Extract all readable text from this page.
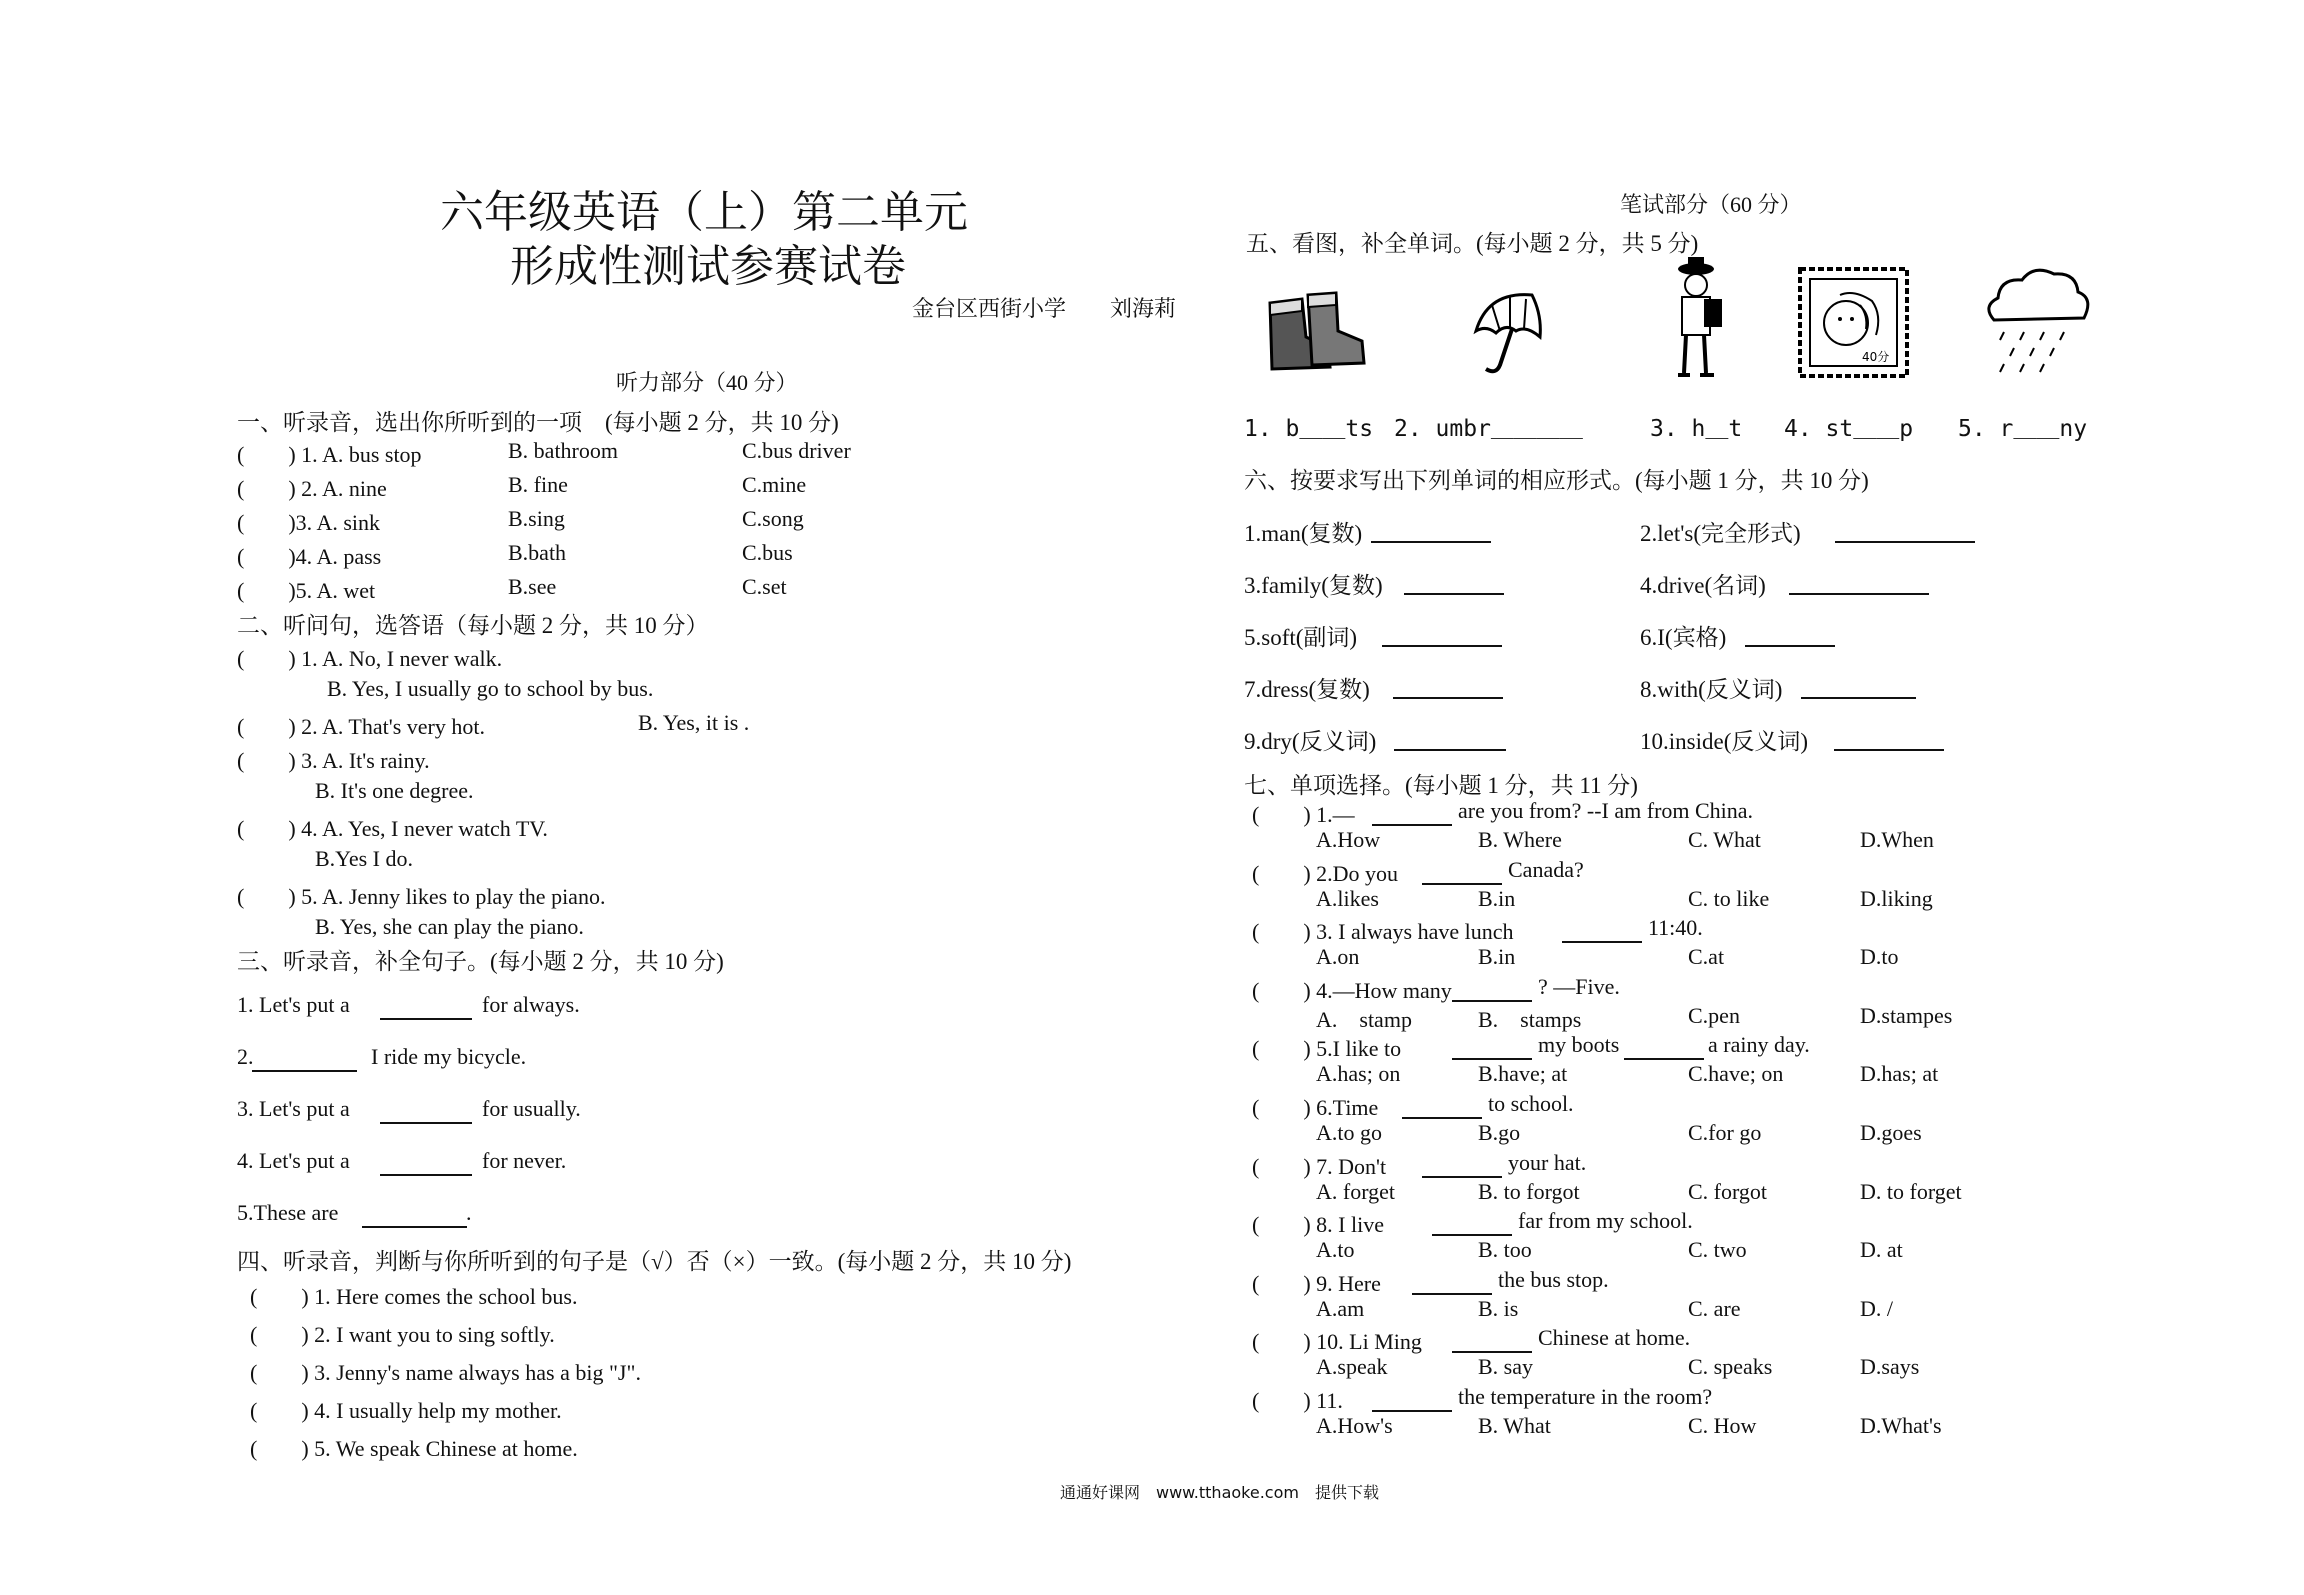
六年级英语（上）第二单元
形成性测试参赛试卷
金台区西街小学　　刘海莉
听力部分（40 分）
一、听录音，选出你所听到的一项　(每小题 2 分，共 10 分)
(　　) 1. A. bus stop	B. bathroom	C.bus driver
(　　) 2. A. nine	B. fine	C.mine
(　　)3. A. sink	B.sing	C.song
(　　)4. A. pass	B.bath	C.bus
(　　)5. A. wet	B.see	C.set
二、听问句，选答语（每小题 2 分，共 10 分）
(　　) 1. A. No, I never walk.
B. Yes, I usually go to school by bus.
(　　) 2. A. That's very hot.	B. Yes, it is .
(　　) 3. A. It's rainy.
B. It's one degree.
(　　) 4. A. Yes, I never watch TV.
B.Yes I do.
(　　) 5. A. Jenny likes to play the piano.
B. Yes, she can play the piano.
三、听录音，补全句子。(每小题 2 分，共 10 分)
1. Let's put a	for always.
2.	I ride my bicycle.
3. Let's put a	for usually.
4. Let's put a	for never.
5.These are	.
四、听录音，判断与你所听到的句子是（√）否（×）一致。(每小题 2 分，共 10 分)
(　　) 1. Here comes the school bus.
(　　) 2. I want you to sing softly.
(　　) 3. Jenny's name always has a big "J".
(　　) 4. I usually help my mother.
(　　) 5. We speak Chinese at home.
笔试部分（60 分）
五、看图，补全单词。(每小题 2 分，共 5 分)
40分
1. b＿＿ts 2. umbr＿＿＿＿	3. h＿t 4. st＿＿p 5. r＿＿ny
六、按要求写出下列单词的相应形式。(每小题 1 分，共 10 分)
1.man(复数)	2.let's(完全形式)
3.family(复数)	4.drive(名词)
5.soft(副词)	6.I(宾格)
7.dress(复数)	8.with(反义词)
9.dry(反义词)	10.inside(反义词)
七、单项选择。(每小题 1 分，共 11 分)
(　　) 1.—	are you from? --I am from China.
A.How	B. Where	C. What	D.When
(　　) 2.Do you	Canada?
A.likes	B.in	C. to like	D.liking
(　　) 3. I always have lunch	11:40.
A.on	B.in	C.at	D.to
(　　) 4.—How many	? —Five.
A.　stamp	B.　stamps	C.pen	D.stampes
(　　) 5.I like to	my boots	a rainy day.
A.has; on	B.have; at	C.have; on	D.has; at
(　　) 6.Time	to school.
A.to go	B.go	C.for go	D.goes
(　　) 7. Don't	your hat.
A. forget	B. to forgot	C. forgot	D. to forget
(　　) 8. I live	far from my school.
A.to	B. too	C. two	D. at
(　　) 9. Here	the bus stop.
A.am	B. is	C. are	D. /
(　　) 10. Li Ming	Chinese at home.
A.speak	B. say	C. speaks	D.says
(　　) 11.	the temperature in the room?
A.How's	B. What	C. How	D.What's
通通好课网　www.tthaoke.com　提供下载
